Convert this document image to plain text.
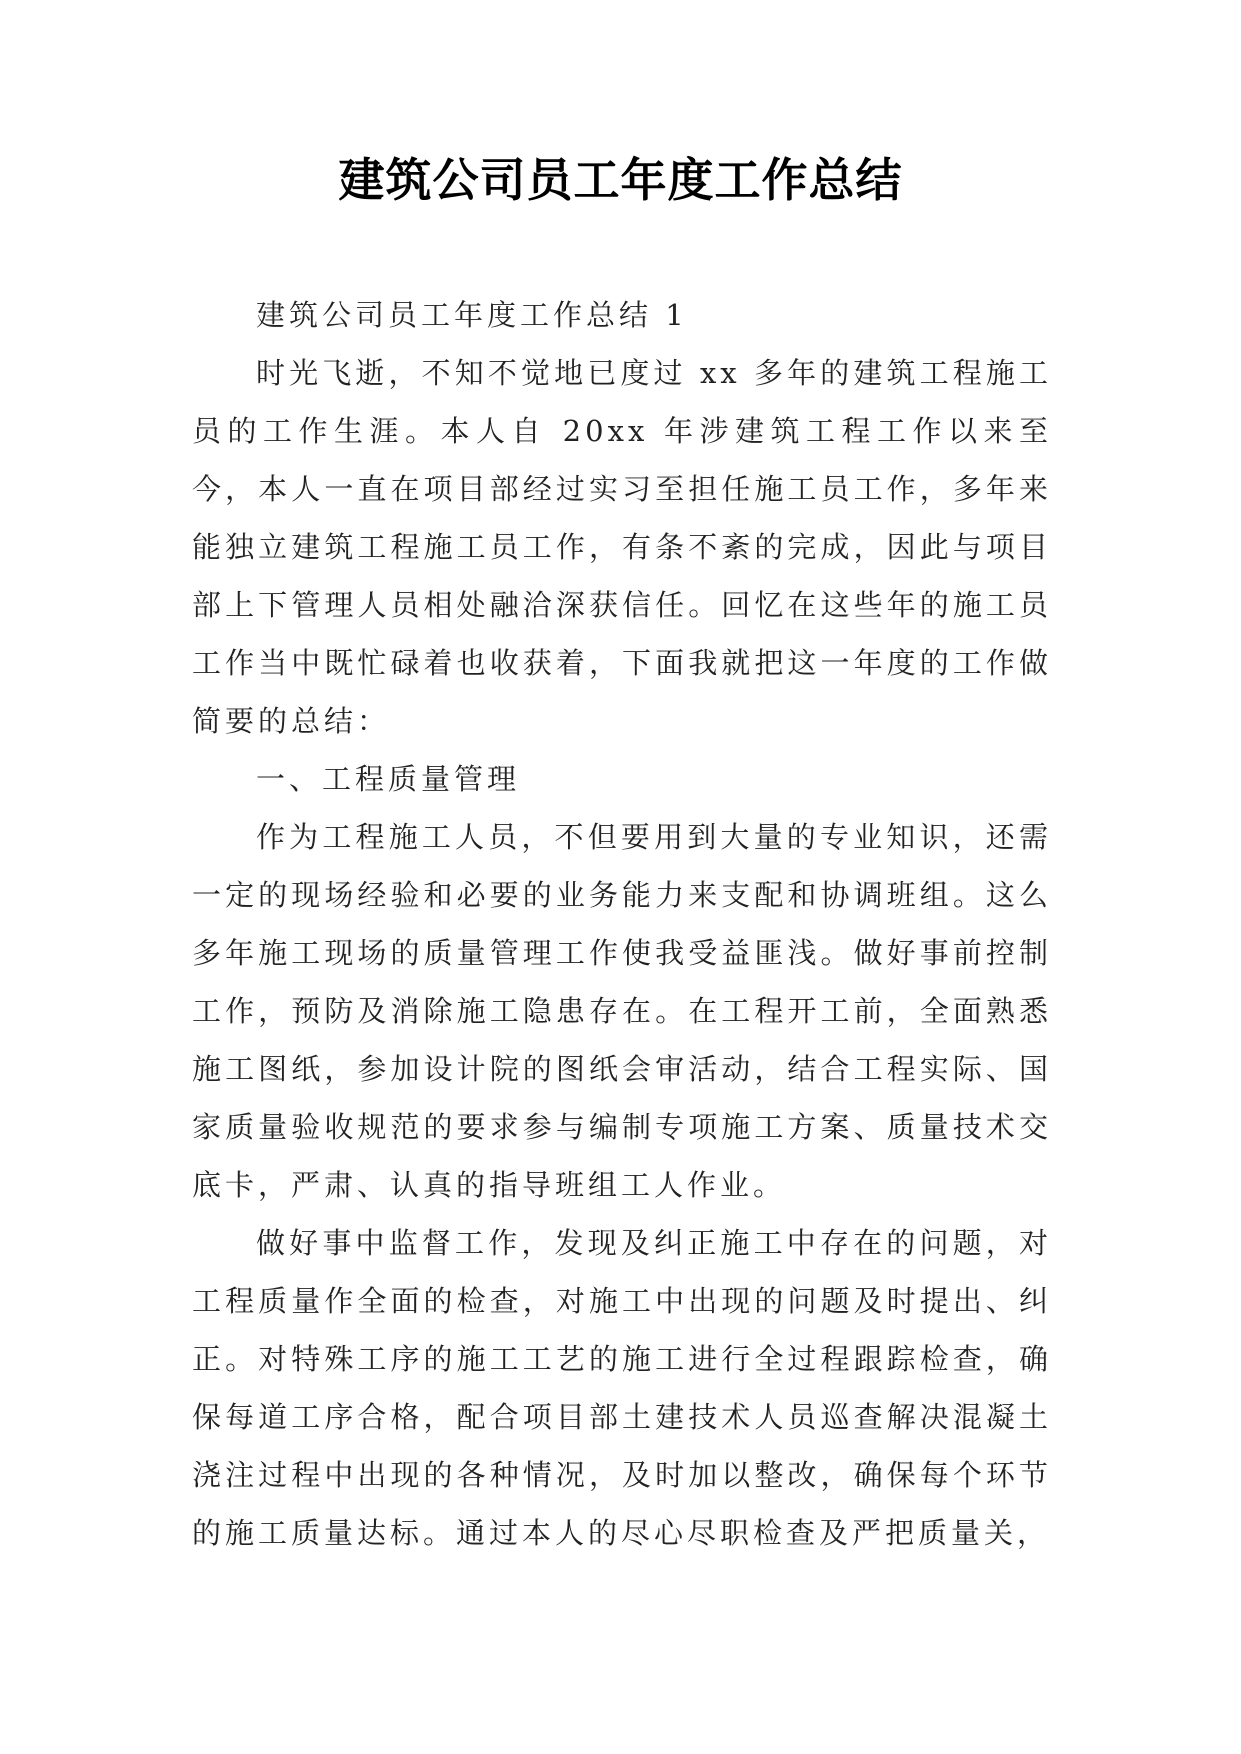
建筑公司员工年度工作总结

建筑公司员工年度工作总结 1

时光飞逝，不知不觉地已度过 xx 多年的建筑工程施工员的工作生涯。本人自 20xx 年涉建筑工程工作以来至今，本人一直在项目部经过实习至担任施工员工作，多年来能独立建筑工程施工员工作，有条不紊的完成，因此与项目部上下管理人员相处融洽深获信任。回忆在这些年的施工员工作当中既忙碌着也收获着，下面我就把这一年度的工作做简要的总结：

一、工程质量管理

作为工程施工人员，不但要用到大量的专业知识，还需一定的现场经验和必要的业务能力来支配和协调班组。这么多年施工现场的质量管理工作使我受益匪浅。做好事前控制工作，预防及消除施工隐患存在。在工程开工前，全面熟悉施工图纸，参加设计院的图纸会审活动，结合工程实际、国家质量验收规范的要求参与编制专项施工方案、质量技术交底卡，严肃、认真的指导班组工人作业。

做好事中监督工作，发现及纠正施工中存在的问题，对工程质量作全面的检查，对施工中出现的问题及时提出、纠正。对特殊工序的施工工艺的施工进行全过程跟踪检查，确保每道工序合格，配合项目部土建技术人员巡查解决混凝土浇注过程中出现的各种情况，及时加以整改，确保每个环节的施工质量达标。通过本人的尽心尽职检查及严把质量关，
